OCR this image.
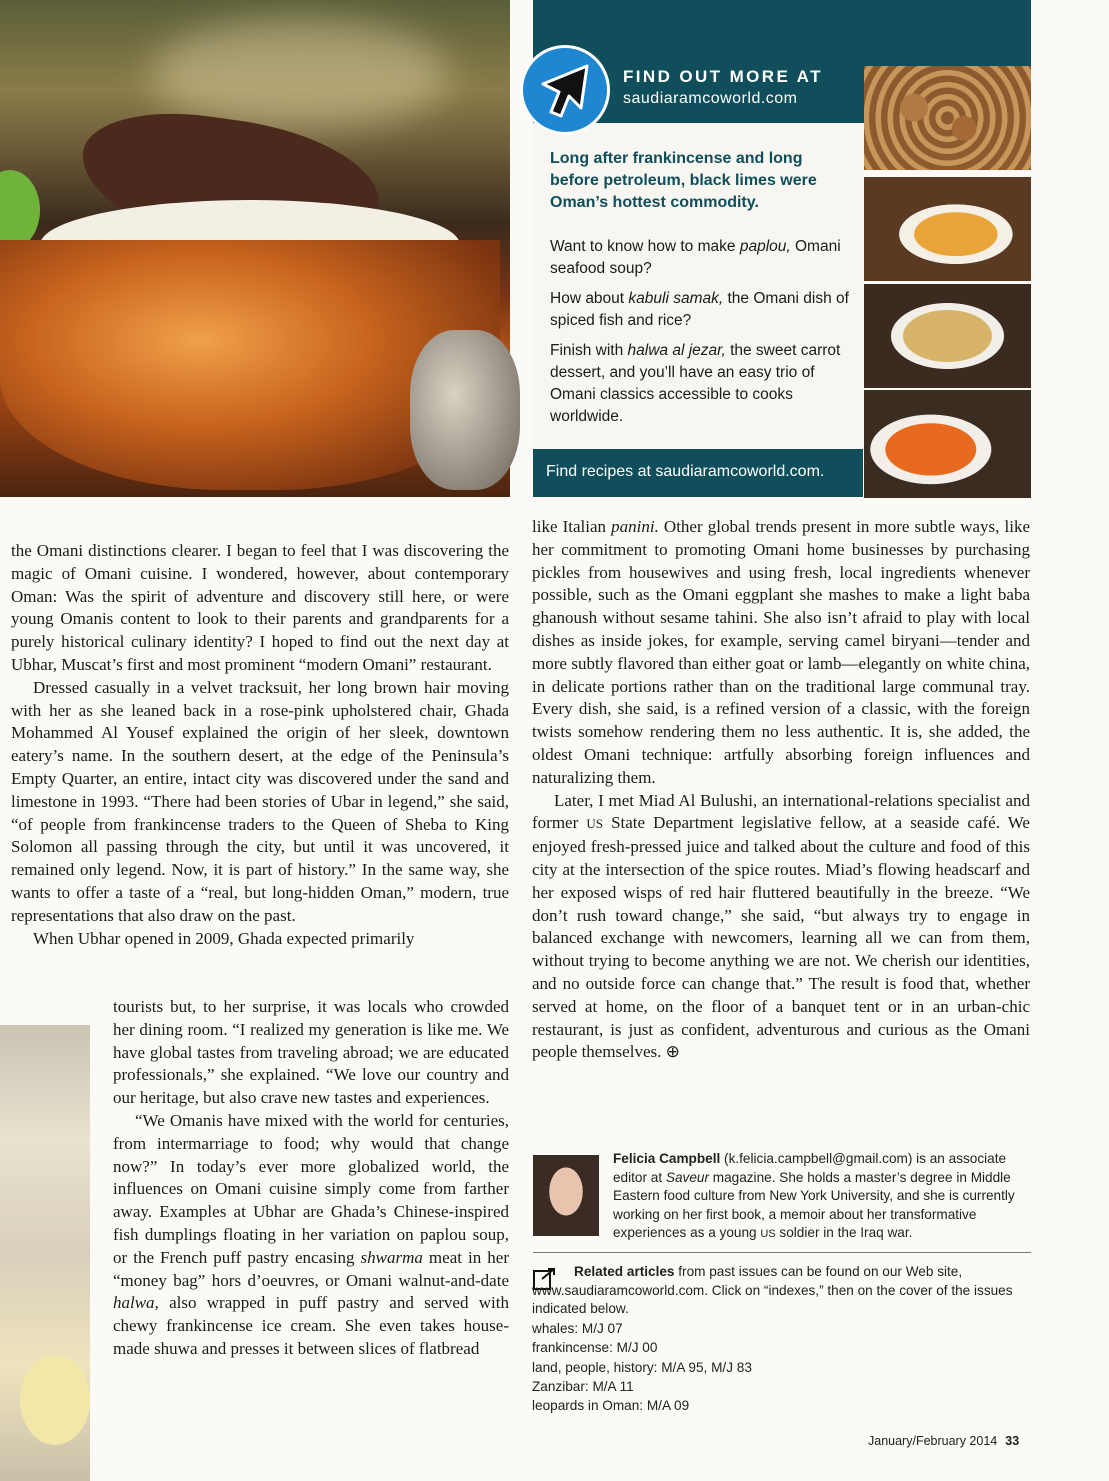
FIND OUT MORE AT
saudiaramcoworld.com
Long after frankincense and long before petroleum, black limes were Oman’s hottest commodity.
Want to know how to make paplou, Omani seafood soup?
How about kabuli samak, the Omani dish of spiced fish and rice?
Finish with halwa al jezar, the sweet carrot dessert, and you’ll have an easy trio of Omani classics accessible to cooks worldwide.
Find recipes at saudiaramcoworld.com.

the Omani distinctions clearer. I began to feel that I was discovering the magic of Omani cuisine. I wondered, however, about contemporary Oman: Was the spirit of adventure and discovery still here, or were young Omanis content to look to their parents and grandparents for a purely historical culinary identity? I hoped to find out the next day at Ubhar, Muscat’s first and most prominent “modern Omani” restaurant.

Dressed casually in a velvet tracksuit, her long brown hair moving with her as she leaned back in a rose-pink upholstered chair, Ghada Mohammed Al Yousef explained the origin of her sleek, downtown eatery’s name. In the southern desert, at the edge of the Peninsula’s Empty Quarter, an entire, intact city was discovered under the sand and limestone in 1993. “There had been stories of Ubar in legend,” she said, “of people from frankincense traders to the Queen of Sheba to King Solomon all passing through the city, but until it was uncovered, it remained only legend. Now, it is part of history.” In the same way, she wants to offer a taste of a “real, but long-hidden Oman,” modern, true representations that also draw on the past.

When Ubhar opened in 2009, Ghada expected primarily

tourists but, to her surprise, it was locals who crowded her dining room. “I realized my generation is like me. We have global tastes from traveling abroad; we are educated professionals,” she explained. “We love our country and our heritage, but also crave new tastes and experiences.

“We Omanis have mixed with the world for centuries, from intermarriage to food; why would that change now?” In today’s ever more globalized world, the influences on Omani cuisine simply come from farther away. Examples at Ubhar are Ghada’s Chinese-inspired fish dumplings floating in her variation on paplou soup, or the French puff pastry encasing shwarma meat in her “money bag” hors d’oeuvres, or Omani walnut-and-date halwa, also wrapped in puff pastry and served with chewy frankincense ice cream. She even takes house-made shuwa and presses it between slices of flatbread

like Italian panini. Other global trends present in more subtle ways, like her commitment to promoting Omani home businesses by purchasing pickles from housewives and using fresh, local ingredients whenever possible, such as the Omani eggplant she mashes to make a light baba ghanoush without sesame tahini. She also isn’t afraid to play with local dishes as inside jokes, for example, serving camel biryani—tender and more subtly flavored than either goat or lamb—elegantly on white china, in delicate portions rather than on the traditional large communal tray. Every dish, she said, is a refined version of a classic, with the foreign twists somehow rendering them no less authentic. It is, she added, the oldest Omani technique: artfully absorbing foreign influences and naturalizing them.

Later, I met Miad Al Bulushi, an international-relations specialist and former US State Department legislative fellow, at a seaside café. We enjoyed fresh-pressed juice and talked about the culture and food of this city at the intersection of the spice routes. Miad’s flowing headscarf and her exposed wisps of red hair fluttered beautifully in the breeze. “We don’t rush toward change,” she said, “but always try to engage in balanced exchange with newcomers, learning all we can from them, without trying to become anything we are not. We cherish our identities, and no outside force can change that.” The result is food that, whether served at home, on the floor of a banquet tent or in an urban-chic restaurant, is just as confident, adventurous and curious as the Omani people themselves. ⊕

Felicia Campbell (k.felicia.campbell@gmail.com) is an associate editor at Saveur magazine. She holds a master’s degree in Middle Eastern food culture from New York University, and she is currently working on her first book, a memoir about her transformative experiences as a young US soldier in the Iraq war.
Related articles from past issues can be found on our Web site, www.saudiaramcoworld.com. Click on “indexes,” then on the cover of the issues indicated below.
whales: M/J 07
frankincense: M/J 00
land, people, history: M/A 95, M/J 83
Zanzibar: M/A 11
leopards in Oman: M/A 09
January/February 2014 33
